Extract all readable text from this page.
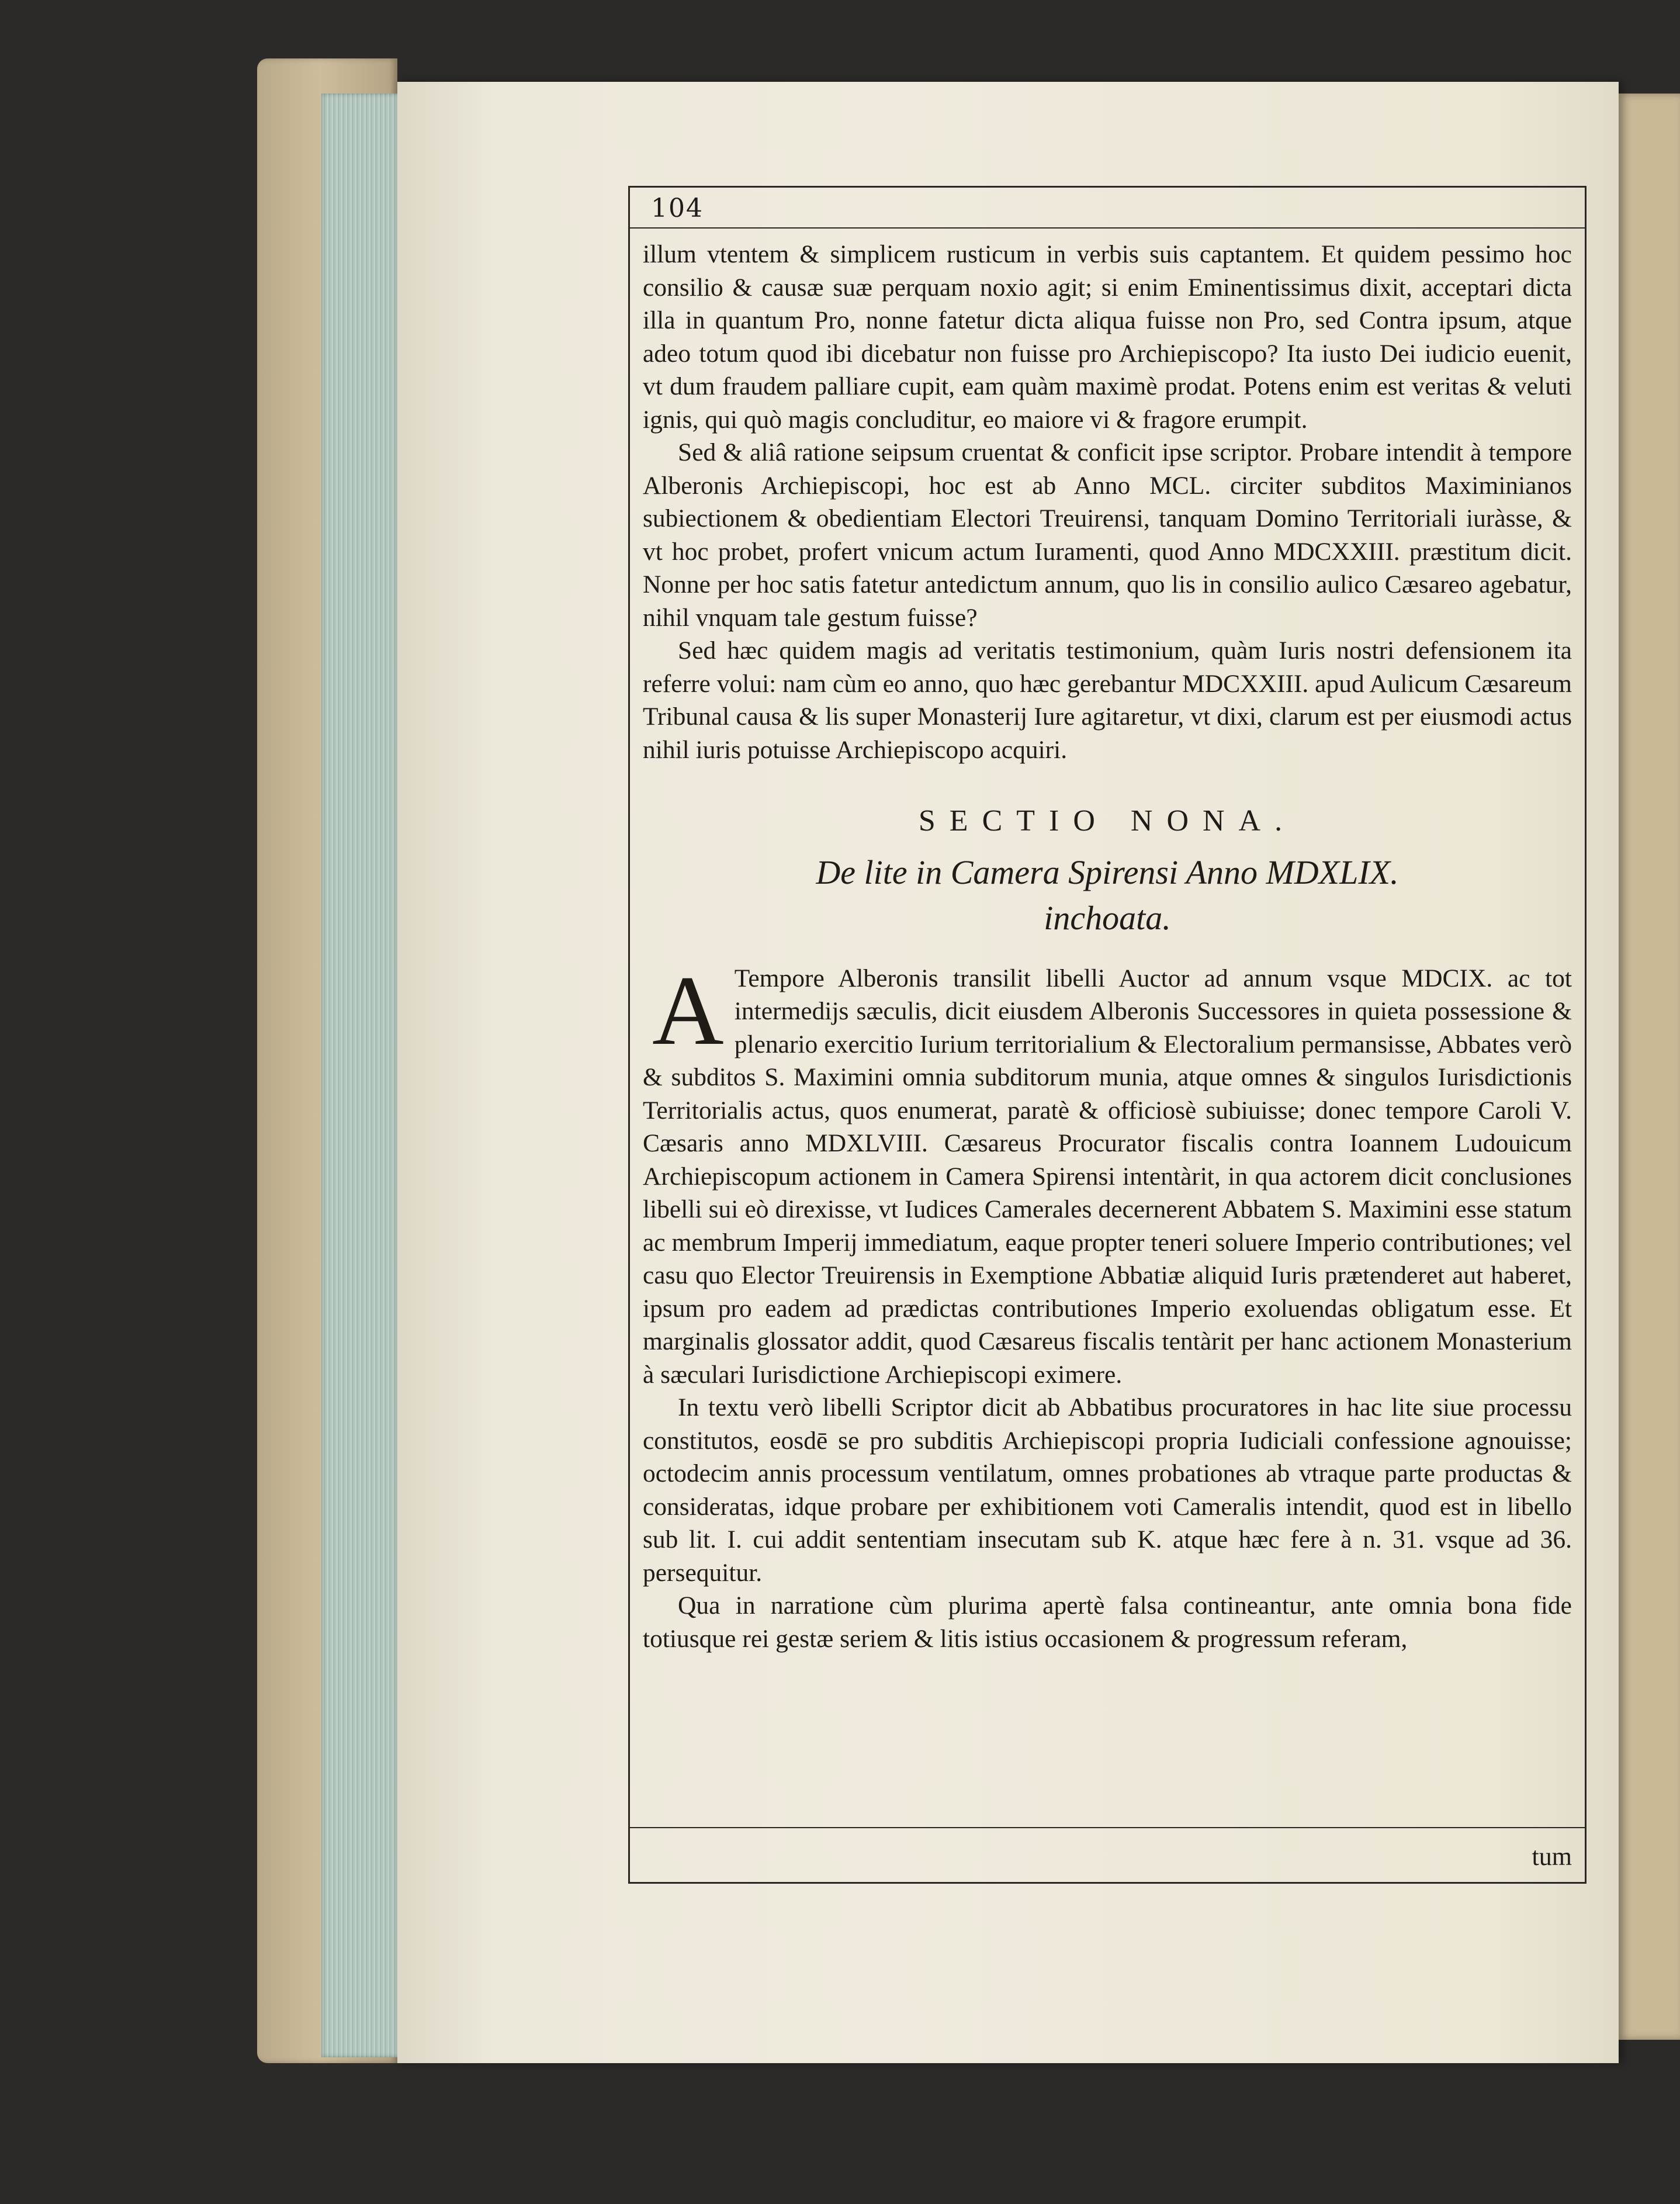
104

illum vtentem & simplicem rusticum in verbis suis captantem. Et quidem pessimo hoc consilio & causæ suæ perquam noxio agit; si enim Eminentissimus dixit, acceptari dicta illa in quantum Pro, nonne fatetur dicta aliqua fuisse non Pro, sed Contra ipsum, atque adeo totum quod ibi dicebatur non fuisse pro Archiepiscopo? Ita iusto Dei iudicio euenit, vt dum fraudem palliare cupit, eam quàm maximè prodat. Potens enim est veritas & veluti ignis, qui quò magis concluditur, eo maiore vi & fragore erumpit.

Sed & aliâ ratione seipsum cruentat & conficit ipse scriptor. Probare intendit à tempore Alberonis Archiepiscopi, hoc est ab Anno MCL. circiter subditos Maximinianos subiectionem & obedientiam Electori Treuirensi, tanquam Domino Territoriali iuràsse, & vt hoc probet, profert vnicum actum Iuramenti, quod Anno MDCXXIII. præstitum dicit. Nonne per hoc satis fatetur antedictum annum, quo lis in consilio aulico Cæsareo agebatur, nihil vnquam tale gestum fuisse?

Sed hæc quidem magis ad veritatis testimonium, quàm Iuris nostri defensionem ita referre volui: nam cùm eo anno, quo hæc gerebantur MDCXXIII. apud Aulicum Cæsareum Tribunal causa & lis super Monasterij Iure agitaretur, vt dixi, clarum est per eiusmodi actus nihil iuris potuisse Archiepiscopo acquiri.

SECTIO NONA.
De lite in Camera Spirensi Anno MDXLIX.
inchoata.

A Tempore Alberonis transilit libelli Auctor ad annum vsque MDCIX. ac tot intermedijs sæculis, dicit eiusdem Alberonis Successores in quieta possessione & plenario exercitio Iurium territorialium & Electoralium permansisse, Abbates verò & subditos S. Maximini omnia subditorum munia, atque omnes & singulos Iurisdictionis Territorialis actus, quos enumerat, paratè & officiosè subiuisse; donec tempore Caroli V. Cæsaris anno MDXLVIII. Cæsareus Procurator fiscalis contra Ioannem Ludouicum Archiepiscopum actionem in Camera Spirensi intentàrit, in qua actorem dicit conclusiones libelli sui eò direxisse, vt Iudices Camerales decernerent Abbatem S. Maximini esse statum ac membrum Imperij immediatum, eaque propter teneri soluere Imperio contributiones; vel casu quo Elector Treuirensis in Exemptione Abbatiæ aliquid Iuris prætenderet aut haberet, ipsum pro eadem ad prædictas contributiones Imperio exoluendas obligatum esse. Et marginalis glossator addit, quod Cæsareus fiscalis tentàrit per hanc actionem Monasterium à sæculari Iurisdictione Archiepiscopi eximere.

In textu verò libelli Scriptor dicit ab Abbatibus procuratores in hac lite siue processu constitutos, eosdē se pro subditis Archiepiscopi propria Iudiciali confessione agnouisse; octodecim annis processum ventilatum, omnes probationes ab vtraque parte productas & consideratas, idque probare per exhibitionem voti Cameralis intendit, quod est in libello sub lit. I. cui addit sententiam insecutam sub K. atque hæc fere à n. 31. vsque ad 36. persequitur.

Qua in narratione cùm plurima apertè falsa contineantur, ante omnia bona fide totiusque rei gestæ seriem & litis istius occasionem & progressum referam,

tum
